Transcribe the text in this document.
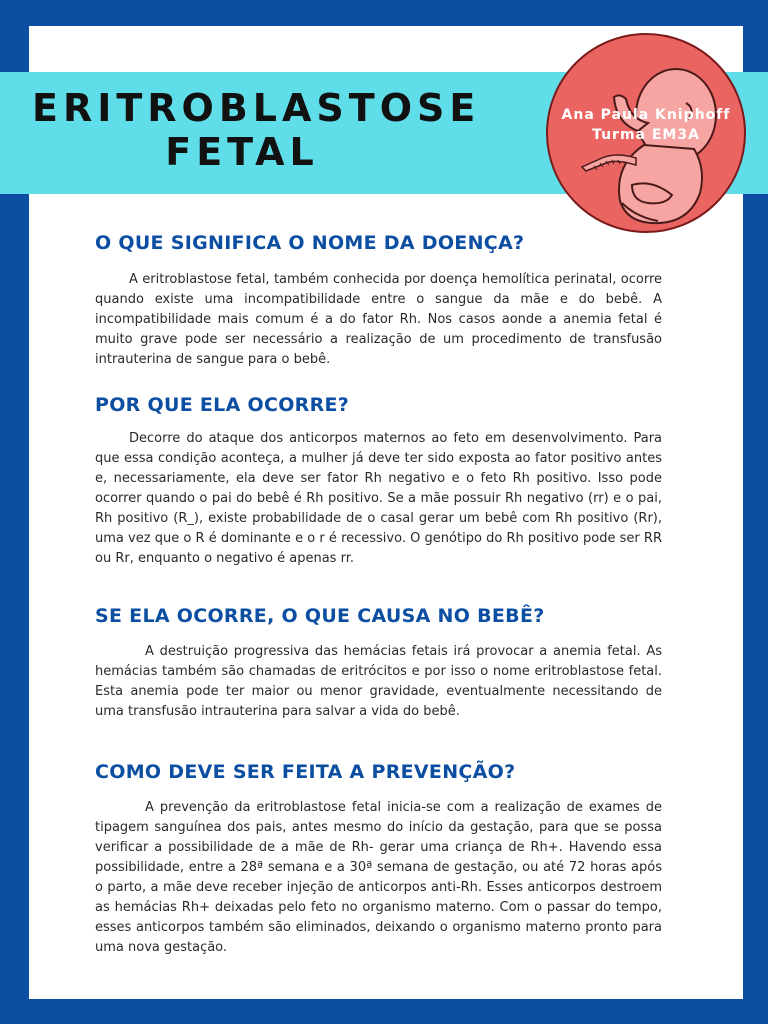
ERITROBLASTOSE
FETAL
Ana Paula Kniphoff
Turma EM3A
O QUE SIGNIFICA O NOME DA DOENÇA?

A eritroblastose fetal, também conhecida por doença hemolítica perinatal, ocorre quando existe uma incompatibilidade entre o sangue da mãe e do bebê. A incompatibilidade mais comum é a do fator Rh. Nos casos aonde a anemia fetal é muito grave pode ser necessário a realização de um procedimento de transfusão intrauterina de sangue para o bebê.

POR QUE ELA OCORRE?

Decorre do ataque dos anticorpos maternos ao feto em desenvolvimento. Para que essa condição aconteça, a mulher já deve ter sido exposta ao fator positivo antes e, necessariamente, ela deve ser fator Rh negativo e o feto Rh positivo. Isso pode ocorrer quando o pai do bebê é Rh positivo. Se a mãe possuir Rh negativo (rr) e o pai, Rh positivo (R_), existe probabilidade de o casal gerar um bebê com Rh positivo (Rr), uma vez que o R é dominante e o r é recessivo. O genótipo do Rh positivo pode ser RR ou Rr, enquanto o negativo é apenas rr.

SE ELA OCORRE, O QUE CAUSA NO BEBÊ?

A destruição progressiva das hemácias fetais irá provocar a anemia fetal. As hemácias também são chamadas de eritrócitos e por isso o nome eritroblastose fetal. Esta anemia pode ter maior ou menor gravidade, eventualmente necessitando de uma transfusão intrauterina para salvar a vida do bebê.

COMO DEVE SER FEITA A PREVENÇÃO?

A prevenção da eritroblastose fetal inicia-se com a realização de exames de tipagem sanguínea dos pais, antes mesmo do início da gestação, para que se possa verificar a possibilidade de a mãe de Rh- gerar uma criança de Rh+. Havendo essa possibilidade, entre a 28ª semana e a 30ª semana de gestação, ou até 72 horas após o parto, a mãe deve receber injeção de anticorpos anti-Rh. Esses anticorpos destroem as hemácias Rh+ deixadas pelo feto no organismo materno. Com o passar do tempo, esses anticorpos também são eliminados, deixando o organismo materno pronto para uma nova gestação.
